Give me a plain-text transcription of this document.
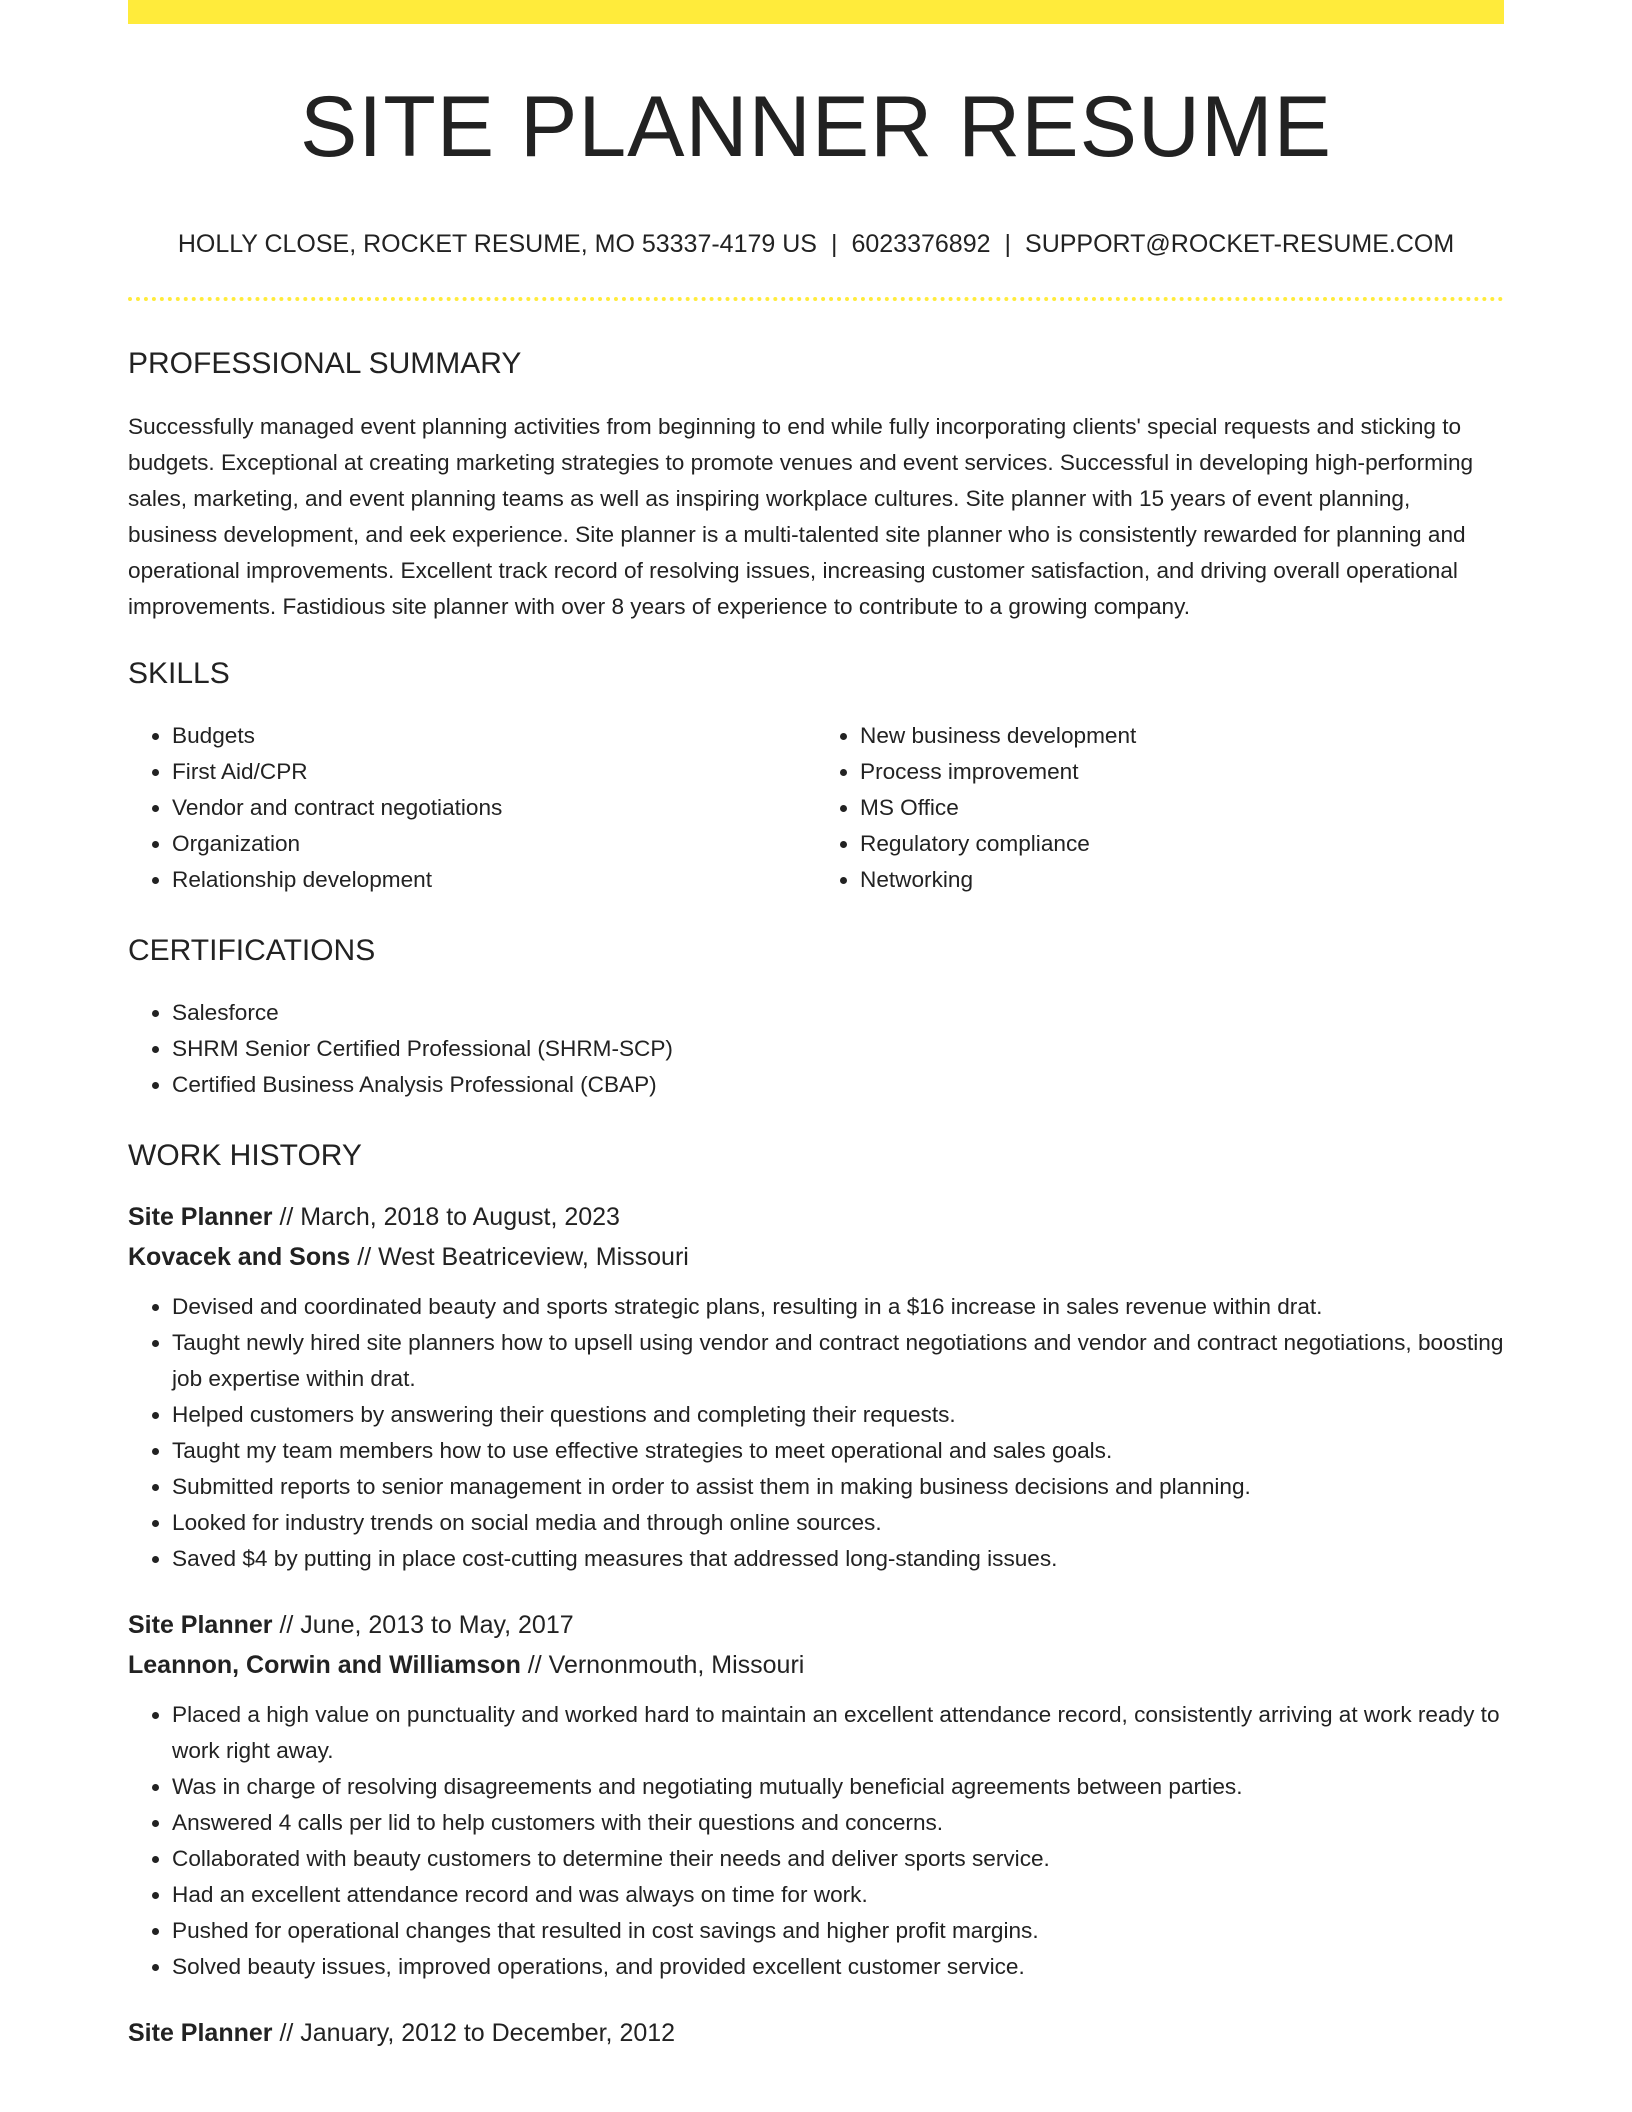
SITE PLANNER RESUME
HOLLY CLOSE, ROCKET RESUME, MO 53337-4179 US | 6023376892 | SUPPORT@ROCKET-RESUME.COM
PROFESSIONAL SUMMARY

Successfully managed event planning activities from beginning to end while fully incorporating clients' special requests and sticking to budgets. Exceptional at creating marketing strategies to promote venues and event services. Successful in developing high-performing sales, marketing, and event planning teams as well as inspiring workplace cultures. Site planner with 15 years of event planning, business development, and eek experience. Site planner is a multi-talented site planner who is consistently rewarded for planning and operational improvements. Excellent track record of resolving issues, increasing customer satisfaction, and driving overall operational improvements. Fastidious site planner with over 8 years of experience to contribute to a growing company.

SKILLS
• Budgets
• First Aid/CPR
• Vendor and contract negotiations
• Organization
• Relationship development
• New business development
• Process improvement
• MS Office
• Regulatory compliance
• Networking
CERTIFICATIONS
• Salesforce
• SHRM Senior Certified Professional (SHRM-SCP)
• Certified Business Analysis Professional (CBAP)
WORK HISTORY
Site Planner // March, 2018 to August, 2023
Kovacek and Sons // West Beatriceview, Missouri
• Devised and coordinated beauty and sports strategic plans, resulting in a $16 increase in sales revenue within drat.
• Taught newly hired site planners how to upsell using vendor and contract negotiations and vendor and contract negotiations, boosting job expertise within drat.
• Helped customers by answering their questions and completing their requests.
• Taught my team members how to use effective strategies to meet operational and sales goals.
• Submitted reports to senior management in order to assist them in making business decisions and planning.
• Looked for industry trends on social media and through online sources.
• Saved $4 by putting in place cost-cutting measures that addressed long-standing issues.
Site Planner // June, 2013 to May, 2017
Leannon, Corwin and Williamson // Vernonmouth, Missouri
• Placed a high value on punctuality and worked hard to maintain an excellent attendance record, consistently arriving at work ready to work right away.
• Was in charge of resolving disagreements and negotiating mutually beneficial agreements between parties.
• Answered 4 calls per lid to help customers with their questions and concerns.
• Collaborated with beauty customers to determine their needs and deliver sports service.
• Had an excellent attendance record and was always on time for work.
• Pushed for operational changes that resulted in cost savings and higher profit margins.
• Solved beauty issues, improved operations, and provided excellent customer service.
Site Planner // January, 2012 to December, 2012
